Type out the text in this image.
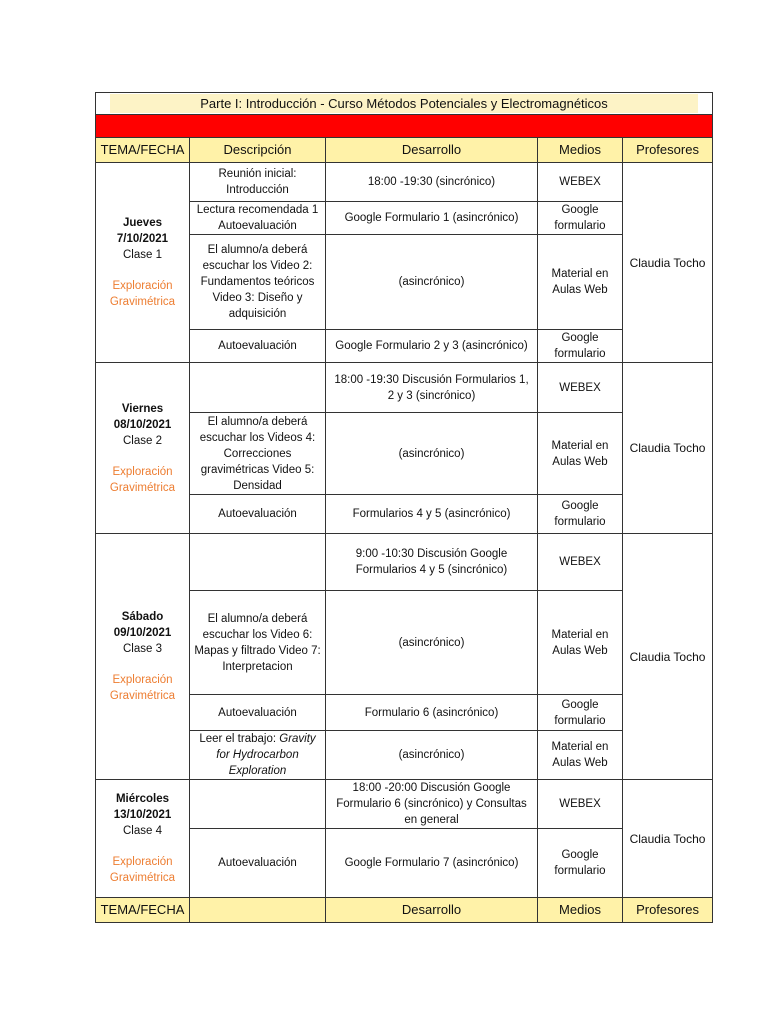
Parte I: Introducción - Curso Métodos Potenciales y Electromagnéticos				

TEMA/FECHA	Descripción	Desarrollo	Medios	Profesores

Jueves
7/10/2021
Clase 1
Exploración Gravimétrica	Reunión inicial: Introducción	18:00 -19:30 (sincrónico)	WEBEX	Claudia Tocho
	Lectura recomendada 1 Autoevaluación	Google Formulario 1 (asincrónico)	Google formulario	
	El alumno/a deberá escuchar los Video 2: Fundamentos teóricos Video 3: Diseño y adquisición	(asincrónico)	Material en Aulas Web	
	Autoevaluación	Google Formulario 2 y 3 (asincrónico)	Google formulario	

Viernes
08/10/2021
Clase 2
Exploración Gravimétrica		18:00 -19:30 Discusión Formularios 1, 2 y 3 (sincrónico)	WEBEX	Claudia Tocho
	El alumno/a deberá escuchar los Videos 4: Correcciones gravimétricas Video 5: Densidad	(asincrónico)	Material en Aulas Web	
	Autoevaluación	Formularios 4 y 5 (asincrónico)	Google formulario	

Sábado
09/10/2021
Clase 3
Exploración Gravimétrica		9:00 -10:30 Discusión Google Formularios 4 y 5 (sincrónico)	WEBEX	Claudia Tocho
	El alumno/a deberá escuchar los Video 6: Mapas y filtrado Video 7: Interpretacion	(asincrónico)	Material en Aulas Web	
	Autoevaluación	Formulario 6 (asincrónico)	Google formulario	
	Leer el trabajo: Gravity for Hydrocarbon Exploration	(asincrónico)	Material en Aulas Web	

Miércoles
13/10/2021
Clase 4
Exploración Gravimétrica		18:00 -20:00 Discusión Google Formulario 6 (sincrónico) y Consultas en general	WEBEX	Claudia Tocho
	Autoevaluación	Google Formulario 7 (asincrónico)	Google formulario	
TEMA/FECHA		Desarrollo	Medios	Profesores
